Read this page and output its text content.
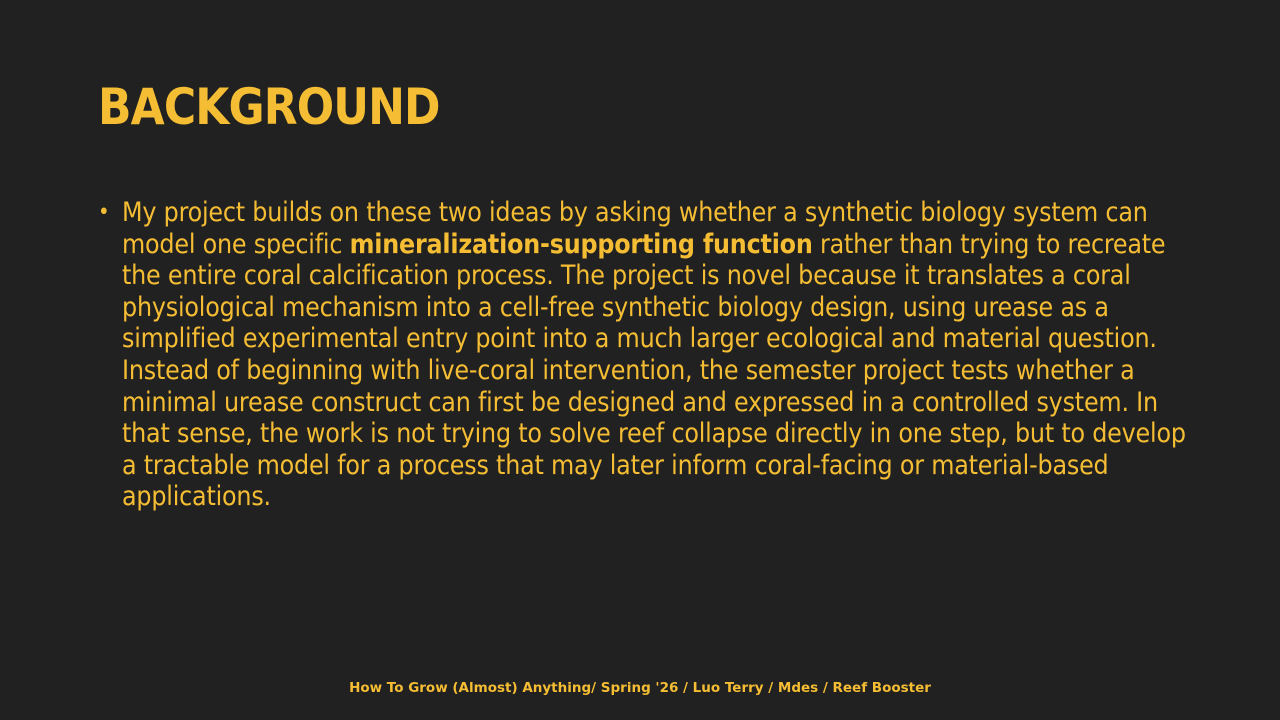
BACKGROUND
• My project builds on these two ideas by asking whether a synthetic biology system can model one specific mineralization-supporting function rather than trying to recreate the entire coral calcification process. The project is novel because it translates a coral physiological mechanism into a cell-free synthetic biology design, using urease as a simplified experimental entry point into a much larger ecological and material question. Instead of beginning with live-coral intervention, the semester project tests whether a minimal urease construct can first be designed and expressed in a controlled system. In that sense, the work is not trying to solve reef collapse directly in one step, but to develop a tractable model for a process that may later inform coral-facing or material-based applications.
How To Grow (Almost) Anything/ Spring '26 / Luo Terry / Mdes / Reef Booster
